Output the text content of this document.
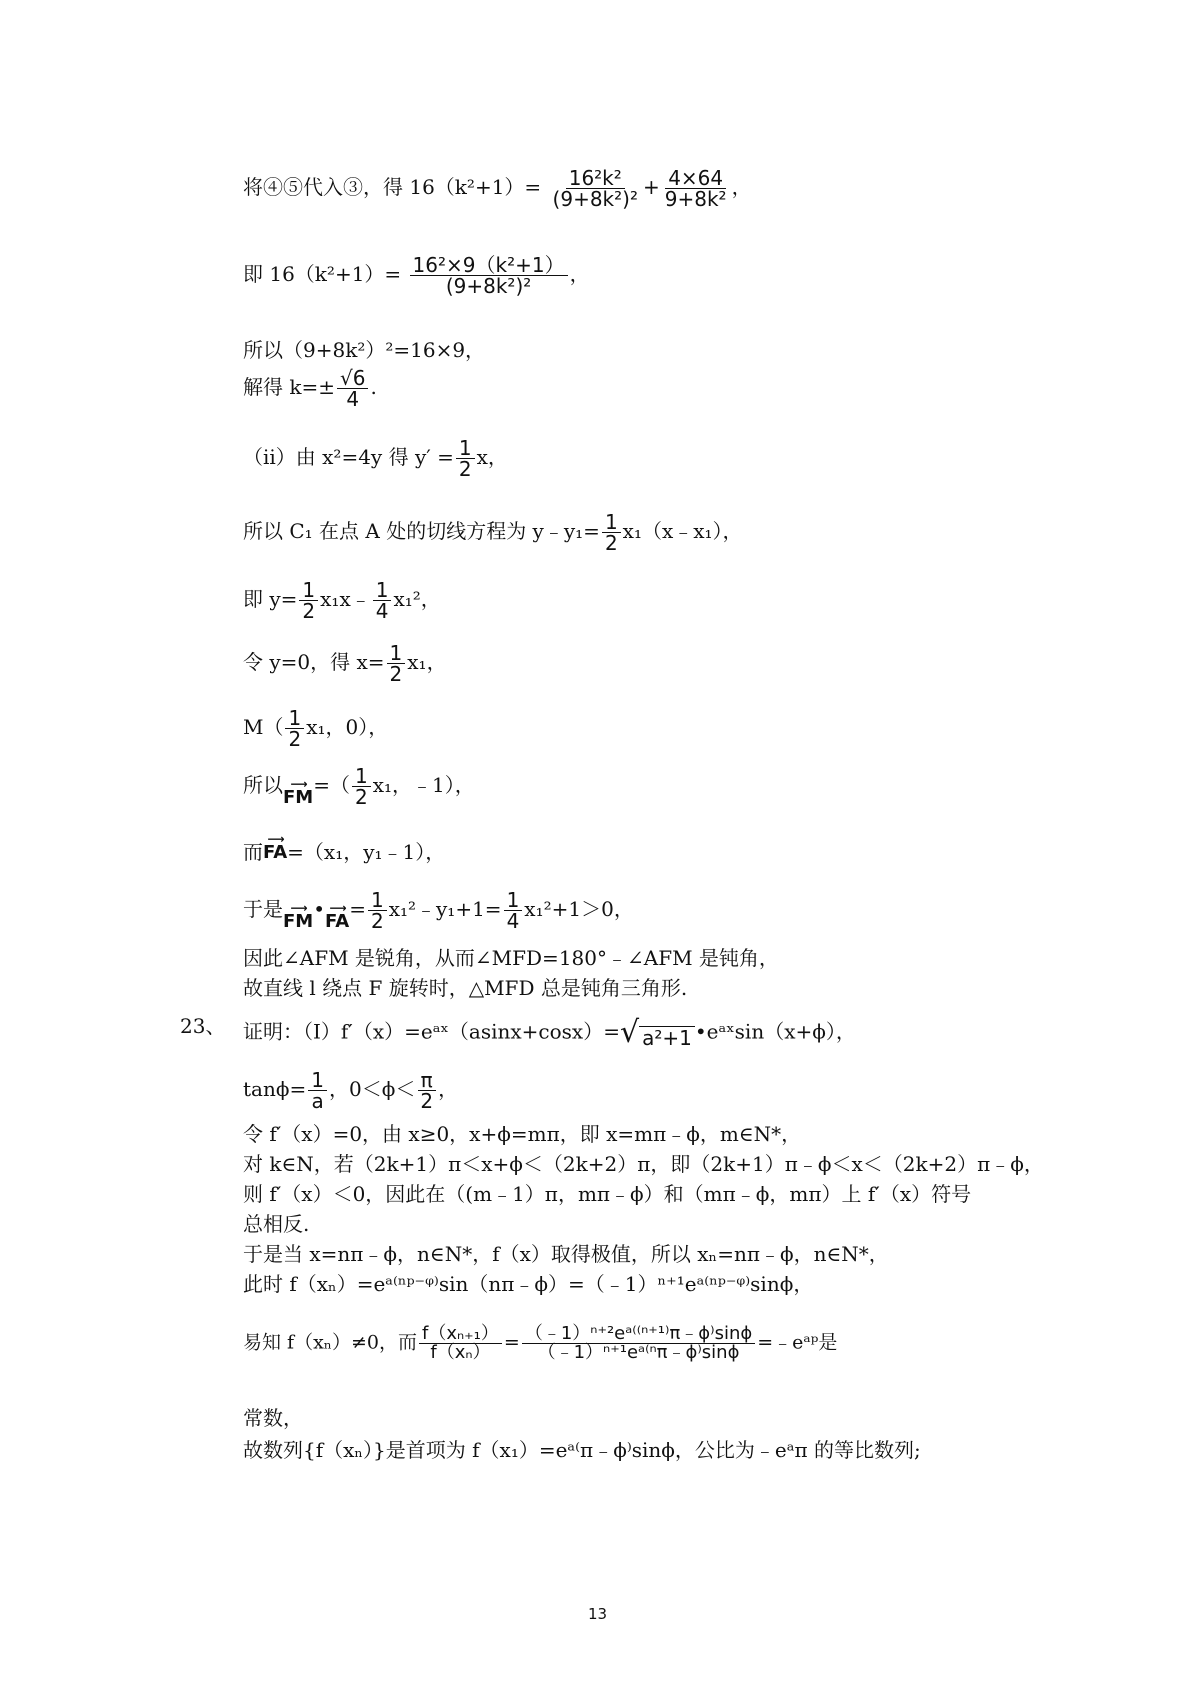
将④⑤代入③，得 $16(k^2+1)= \frac{\text{16²k²}}{\text{(9+8k²)²}} + \frac{4\times 64}{\text{9+8k²}}$ ，
即 $16(k^2+1)= \frac{\text{16²×9（k²+1）}}{\text{(9+8k²)²}}$ ，
所以（9+8k²）²=16×9，
解得 $k=\pm \frac{√6}{4}$ .
（ii）由 x²=4y 得 $y' = \frac{1}{2}$ x，
所以 C₁ 在点 A 处的切线方程为 y﹣y₁= $\frac{1}{2}$ x₁（x﹣x₁），
即 $y= \frac{1}{2}$ x₁x﹣ $\frac{1}{4} x_1^2$，
令 y=0，得 $x= \frac{1}{2} x_1$，
$M( \frac{1}{2} x_1$，0），
所以 ⟶
FM
=（ $\frac{1}{2} x_1$，﹣1），
而
⟶
FA =（x₁，y₁﹣1），
于是 ⟶
FM
• ⟶
FA
= $\frac{1}{2}$ x₁²﹣y₁+1= $\frac{1}{4} x_1^2+1>0$，
因此∠AFM 是锐角，从而∠MFD=180°﹣∠AFM 是钝角，
故直线 l 绕点 F 旋转时，△MFD 总是钝角三角形.
23、 证明：（Ⅰ）f′（x）=eᵃˣ（asinx+cosx）= √ a²+1 •eᵃˣsin（x+ϕ），
$\tan\phi= \frac{1}{a}$ ，$0<\phi< \frac{\pi}{2}$ ，
令 f′（x）=0，由 x≥0，x+ϕ=mπ，即 x=mπ﹣ϕ，m∈N*，
对 k∈N，若（2k+1）π＜x+ϕ＜（2k+2）π，即（2k+1）π﹣ϕ＜x＜（2k+2）π﹣ϕ，
则 f′（x）＜0，因此在（(m﹣1）π，mπ﹣ϕ）和（mπ﹣ϕ，mπ）上 f′（x）符号
总相反.
于是当 x=nπ﹣ϕ，n∈N*，f（x）取得极值，所以 xₙ=nπ﹣ϕ，n∈N*，
此时 f（xₙ）=eᵃ⁽ⁿᵖ⁻ᵠ⁾sin（nπ﹣ϕ）=（﹣1）ⁿ⁺¹eᵃ⁽ⁿᵖ⁻ᵠ⁾sinϕ，
易知 f（xₙ）≠0，而 $\frac{\text{f（xₙ₊₁）}}{\text{f（xₙ）}} = \frac{\text{（﹣1）ⁿ⁺²eᵃ⁽⁽ⁿ⁺¹⁾π﹣ϕ⁾sinϕ}}{\text{（﹣1）ⁿ⁺¹eᵃ⁽ⁿπ﹣ϕ⁾sinϕ}}$ =﹣eᵃᵖ是
常数，
故数列{f（xₙ）}是首项为 f（x₁）=eᵃ⁽π﹣ϕ⁾sinϕ，公比为﹣eᵃπ 的等比数列;
13
